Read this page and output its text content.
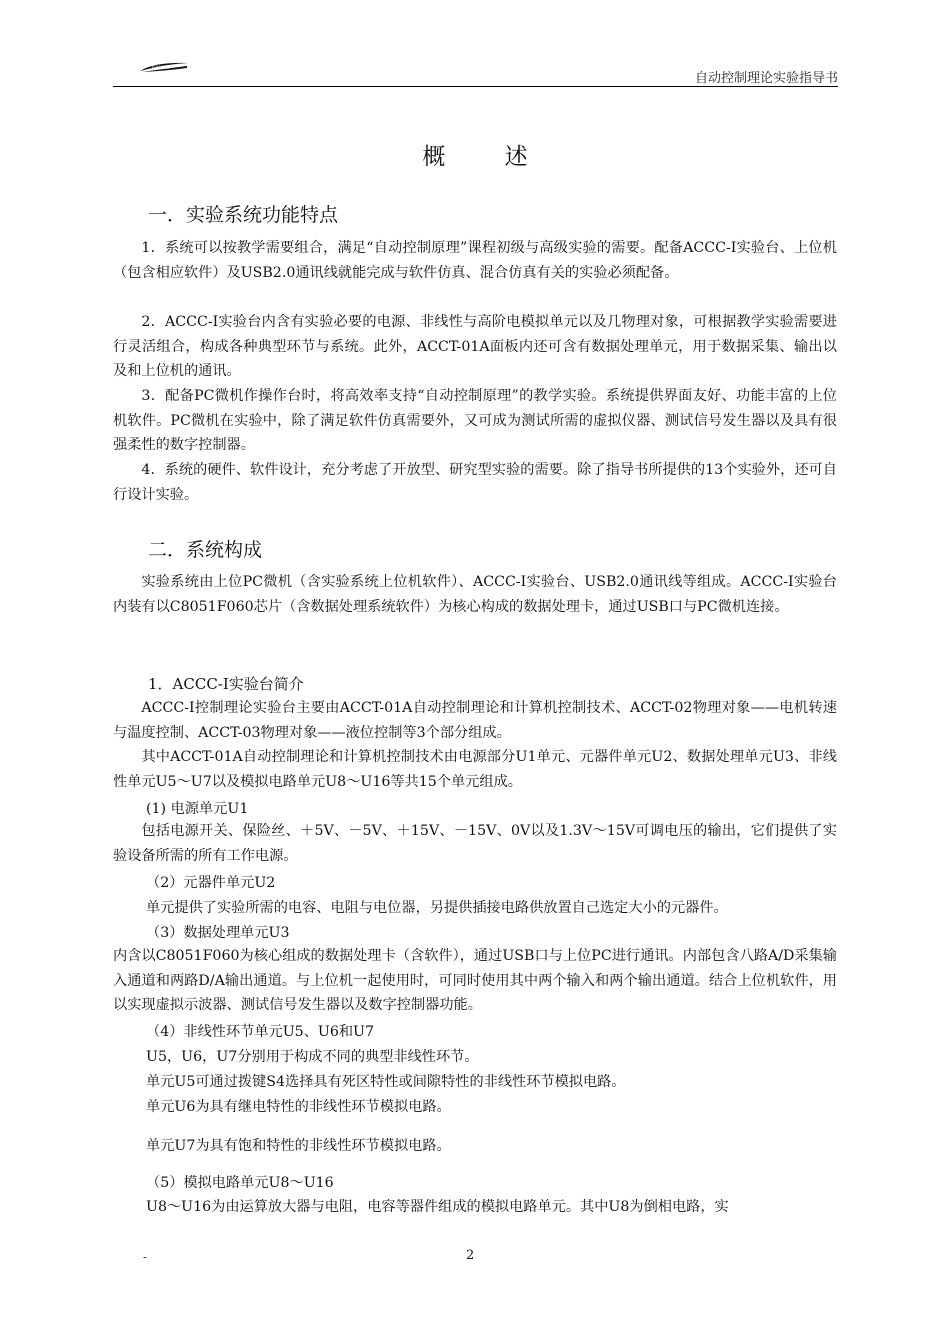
GAUSAI
自动控制理论实验指导书
概 述
一．实验系统功能特点

1．系统可以按教学需要组合，满足“自动控制原理”课程初级与高级实验的需要。配备ACCC-I实验台、上位机（包含相应软件）及USB2.0通讯线就能完成与软件仿真、混合仿真有关的实验必须配备。

2．ACCC-I实验台内含有实验必要的电源、非线性与高阶电模拟单元以及几物理对象，可根据教学实验需要进行灵活组合，构成各种典型环节与系统。此外，ACCT-01A面板内还可含有数据处理单元，用于数据采集、输出以及和上位机的通讯。

3．配备PC微机作操作台时，将高效率支持“自动控制原理”的教学实验。系统提供界面友好、功能丰富的上位机软件。PC微机在实验中，除了满足软件仿真需要外，又可成为测试所需的虚拟仪器、测试信号发生器以及具有很强柔性的数字控制器。

4．系统的硬件、软件设计，充分考虑了开放型、研究型实验的需要。除了指导书所提供的13个实验外，还可自行设计实验。

二．系统构成

实验系统由上位PC微机（含实验系统上位机软件）、ACCC-I实验台、USB2.0通讯线等组成。ACCC-I实验台内装有以C8051F060芯片（含数据处理系统软件）为核心构成的数据处理卡，通过USB口与PC微机连接。

1．ACCC-I实验台简介

ACCC-I控制理论实验台主要由ACCT-01A自动控制理论和计算机控制技术、ACCT-02物理对象——电机转速与温度控制、ACCT-03物理对象——液位控制等3个部分组成。

其中ACCT-01A自动控制理论和计算机控制技术由电源部分U1单元、元器件单元U2、数据处理单元U3、非线性单元U5～U7以及模拟电路单元U8～U16等共15个单元组成。

(1) 电源单元U1

包括电源开关、保险丝、＋5V、－5V、＋15V、－15V、0V以及1.3V～15V可调电压的输出，它们提供了实验设备所需的所有工作电源。

（2）元器件单元U2
单元提供了实验所需的电容、电阻与电位器，另提供插接电路供放置自己选定大小的元器件。
（3）数据处理单元U3

内含以C8051F060为核心组成的数据处理卡（含软件），通过USB口与上位PC进行通讯。内部包含八路A/D采集输入通道和两路D/A输出通道。与上位机一起使用时，可同时使用其中两个输入和两个输出通道。结合上位机软件，用以实现虚拟示波器、测试信号发生器以及数字控制器功能。

（4）非线性环节单元U5、U6和U7
U5，U6，U7分别用于构成不同的典型非线性环节。
单元U5可通过拨键S4选择具有死区特性或间隙特性的非线性环节模拟电路。
单元U6为具有继电特性的非线性环节模拟电路。
单元U7为具有饱和特性的非线性环节模拟电路。
（5）模拟电路单元U8～U16
U8～U16为由运算放大器与电阻，电容等器件组成的模拟电路单元。其中U8为倒相电路，实
-	2
